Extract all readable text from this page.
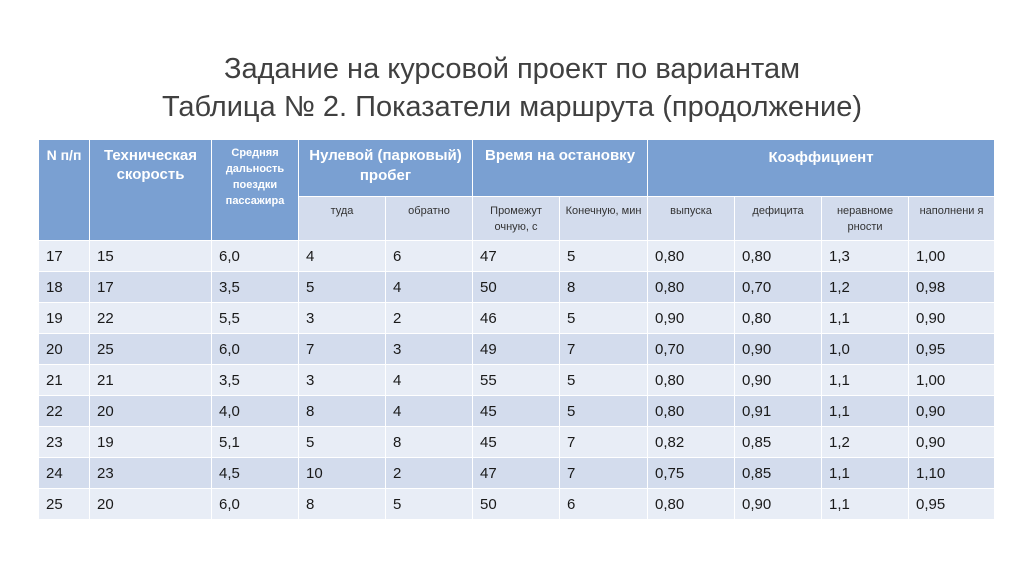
Задание на курсовой проект по вариантам
Таблица № 2. Показатели маршрута (продолжение)
N п/п	Техническая скорость	Средняя дальность поездки пассажира	Нулевой (парковый) пробег		Время на остановку		Коэффициент			
			туда	обратно	Промежут очную, с	Конечную, мин	выпуска	дефицита	неравноме рности	наполнени я
17	15	6,0	4	6	47	5	0,80	0,80	1,3	1,00
18	17	3,5	5	4	50	8	0,80	0,70	1,2	0,98
19	22	5,5	3	2	46	5	0,90	0,80	1,1	0,90
20	25	6,0	7	3	49	7	0,70	0,90	1,0	0,95
21	21	3,5	3	4	55	5	0,80	0,90	1,1	1,00
22	20	4,0	8	4	45	5	0,80	0,91	1,1	0,90
23	19	5,1	5	8	45	7	0,82	0,85	1,2	0,90
24	23	4,5	10	2	47	7	0,75	0,85	1,1	1,10
25	20	6,0	8	5	50	6	0,80	0,90	1,1	0,95
